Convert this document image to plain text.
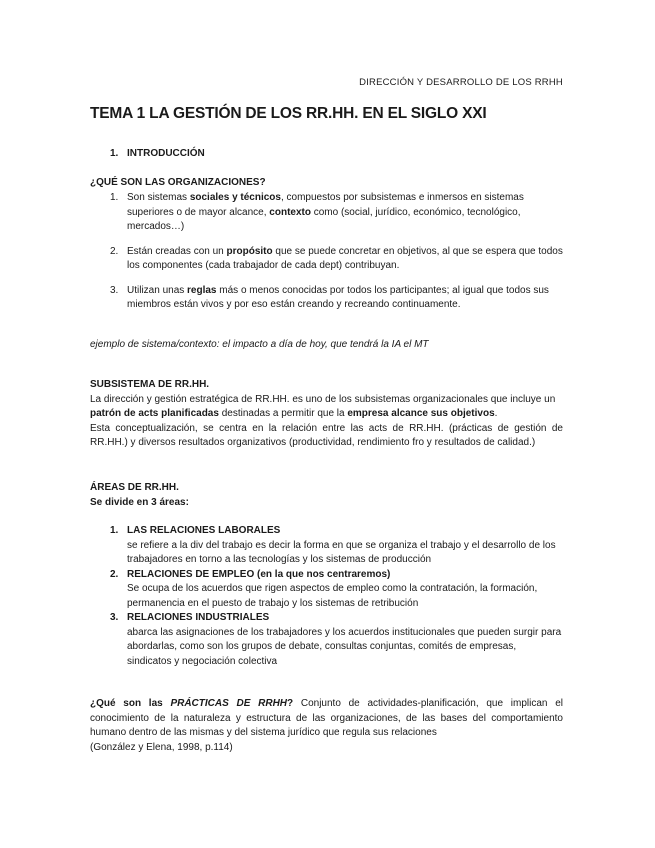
DIRECCIÓN Y DESARROLLO DE LOS RRHH
TEMA 1 LA GESTIÓN DE LOS RR.HH. EN EL SIGLO XXI
1. INTRODUCCIÓN
¿QUÉ SON LAS ORGANIZACIONES?
1. Son sistemas sociales y técnicos, compuestos por subsistemas e inmersos en sistemas superiores o de mayor alcance, contexto como (social, jurídico, económico, tecnológico, mercados…)
2. Están creadas con un propósito que se puede concretar en objetivos, al que se espera que todos los componentes (cada trabajador de cada dept) contribuyan.
3. Utilizan unas reglas más o menos conocidas por todos los participantes; al igual que todos sus miembros están vivos y por eso están creando y recreando continuamente.
ejemplo de sistema/contexto: el impacto a día de hoy, que tendrá la IA el MT
SUBSISTEMA DE RR.HH.
La dirección y gestión estratégica de RR.HH. es uno de los subsistemas organizacionales que incluye un patrón de acts planificadas destinadas a permitir que la empresa alcance sus objetivos.
Esta conceptualización, se centra en la relación entre las acts de RR.HH. (prácticas de gestión de RR.HH.) y diversos resultados organizativos (productividad, rendimiento fro y resultados de calidad.)
ÁREAS DE RR.HH.
Se divide en 3 áreas:
1. LAS RELACIONES LABORALES
se refiere a la div del trabajo es decir la forma en que se organiza el trabajo y el desarrollo de los trabajadores en torno a las tecnologías y los sistemas de producción
2. RELACIONES DE EMPLEO (en la que nos centraremos)
Se ocupa de los acuerdos que rigen aspectos de empleo como la contratación, la formación, permanencia en el puesto de trabajo y los sistemas de retribución
3. RELACIONES INDUSTRIALES
abarca las asignaciones de los trabajadores y los acuerdos institucionales que pueden surgir para abordarlas, como son los grupos de debate, consultas conjuntas, comités de empresas, sindicatos y negociación colectiva
¿Qué son las PRÁCTICAS DE RRHH? Conjunto de actividades-planificación, que implican el conocimiento de la naturaleza y estructura de las organizaciones, de las bases del comportamiento humano dentro de las mismas y del sistema jurídico que regula sus relaciones
(González y Elena, 1998, p.114)
